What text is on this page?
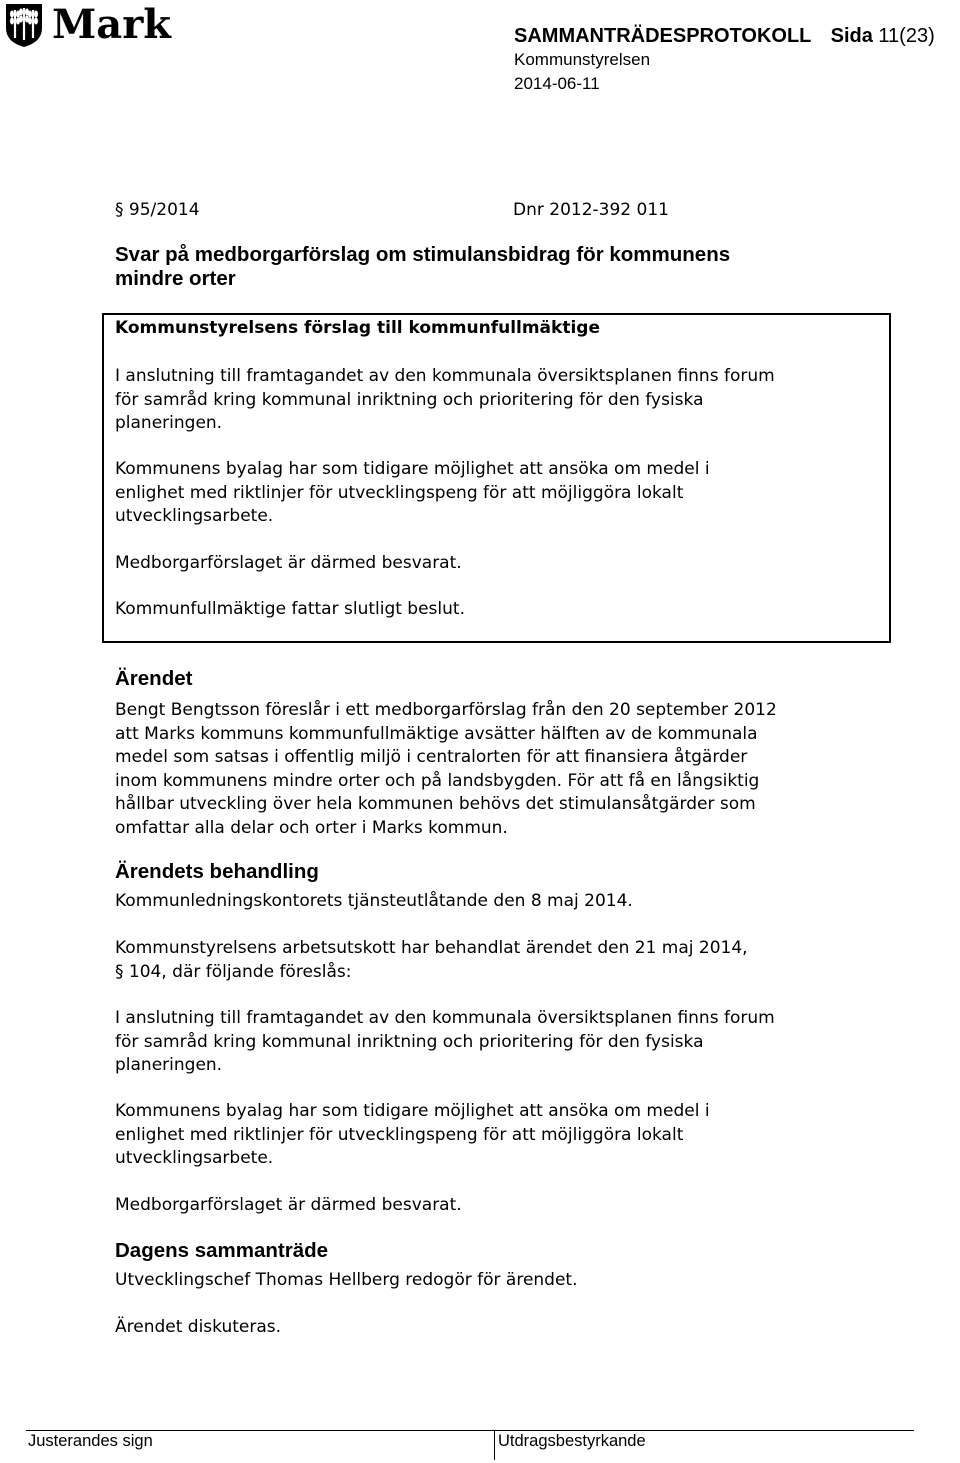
Mark	SAMMANTRÄDESPROTOKOLL Sida 11(23)
Kommunstyrelsen
2014-06-11
§ 95/2014	Dnr 2012-392 011
Svar på medborgarförslag om stimulansbidrag för kommunens
mindre orter
Kommunstyrelsens förslag till kommunfullmäktige
I anslutning till framtagandet av den kommunala översiktsplanen finns forum
för samråd kring kommunal inriktning och prioritering för den fysiska
planeringen.
Kommunens byalag har som tidigare möjlighet att ansöka om medel i
enlighet med riktlinjer för utvecklingspeng för att möjliggöra lokalt
utvecklingsarbete.
Medborgarförslaget är därmed besvarat.
Kommunfullmäktige fattar slutligt beslut.
Ärendet
Bengt Bengtsson föreslår i ett medborgarförslag från den 20 september 2012
att Marks kommuns kommunfullmäktige avsätter hälften av de kommunala
medel som satsas i offentlig miljö i centralorten för att finansiera åtgärder
inom kommunens mindre orter och på landsbygden. För att få en långsiktig
hållbar utveckling över hela kommunen behövs det stimulansåtgärder som
omfattar alla delar och orter i Marks kommun.
Ärendets behandling
Kommunledningskontorets tjänsteutlåtande den 8 maj 2014.
Kommunstyrelsens arbetsutskott har behandlat ärendet den 21 maj 2014,
§ 104, där följande föreslås:
I anslutning till framtagandet av den kommunala översiktsplanen finns forum
för samråd kring kommunal inriktning och prioritering för den fysiska
planeringen.
Kommunens byalag har som tidigare möjlighet att ansöka om medel i
enlighet med riktlinjer för utvecklingspeng för att möjliggöra lokalt
utvecklingsarbete.
Medborgarförslaget är därmed besvarat.
Dagens sammanträde
Utvecklingschef Thomas Hellberg redogör för ärendet.
Ärendet diskuteras.
Justerandes sign	Utdragsbestyrkande
